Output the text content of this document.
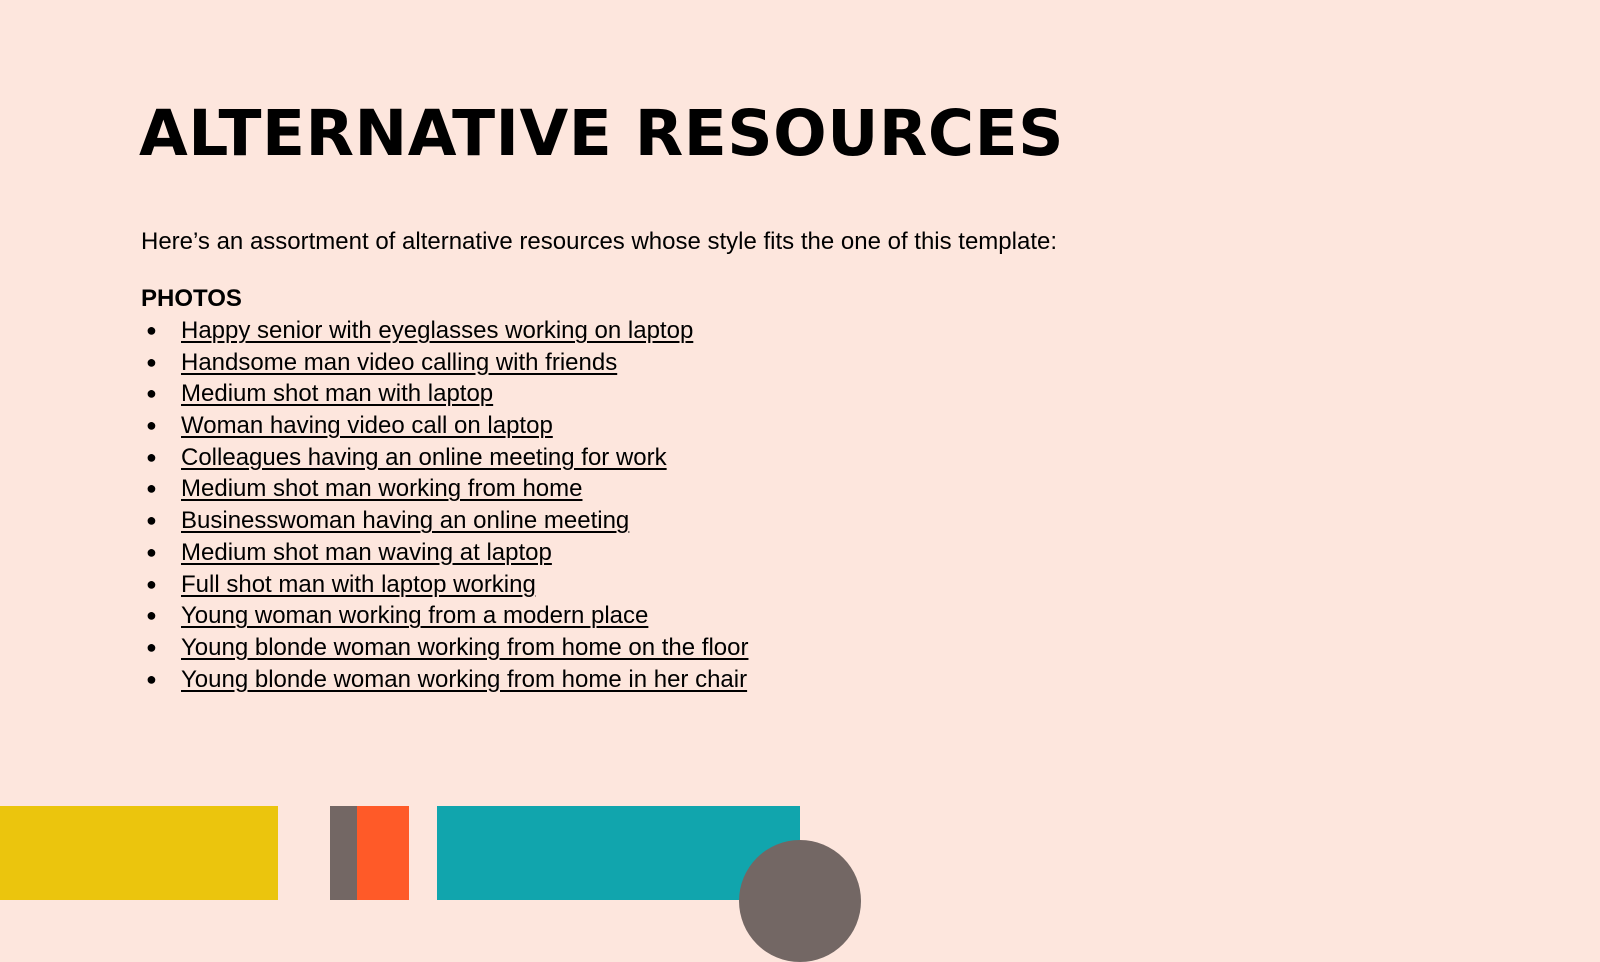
ALTERNATIVE RESOURCES

Here’s an assortment of alternative resources whose style fits the one of this template:

PHOTOS

● Happy senior with eyeglasses working on laptop
● Handsome man video calling with friends
● Medium shot man with laptop
● Woman having video call on laptop
● Colleagues having an online meeting for work
● Medium shot man working from home
● Businesswoman having an online meeting
● Medium shot man waving at laptop
● Full shot man with laptop working
● Young woman working from a modern place
● Young blonde woman working from home on the floor
● Young blonde woman working from home in her chair
